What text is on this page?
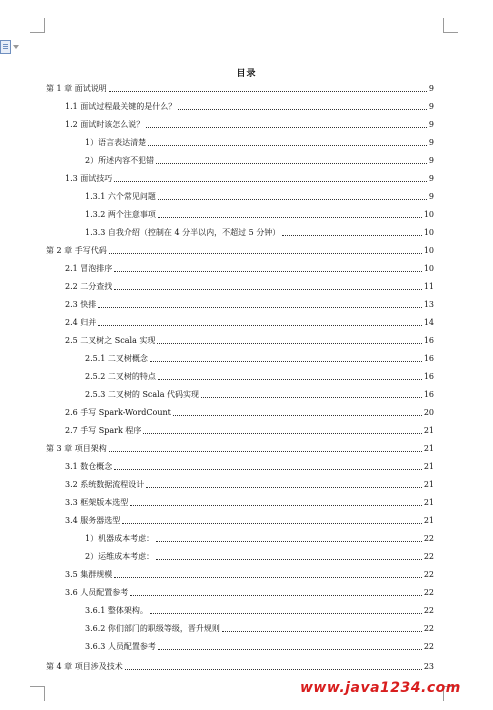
目录
第 1 章 面试说明	9
1.1 面试过程最关键的是什么？	9
1.2 面试时该怎么说？	9
1）语言表达清楚	9
2）所述内容不犯错	9
1.3 面试技巧	9
1.3.1 六个常见问题	9
1.3.2 两个注意事项	10
1.3.3 自我介绍（控制在 4 分半以内，不超过 5 分钟）	10
第 2 章 手写代码	10
2.1 冒泡排序	10
2.2 二分查找	11
2.3 快排	13
2.4 归并	14
2.5 二叉树之 Scala 实现	16
2.5.1 二叉树概念	16
2.5.2 二叉树的特点	16
2.5.3 二叉树的 Scala 代码实现	16
2.6 手写 Spark-WordCount	20
2.7 手写 Spark 程序	21
第 3 章 项目架构	21
3.1 数仓概念	21
3.2 系统数据流程设计	21
3.3 框架版本选型	21
3.4 服务器选型	21
1）机器成本考虑：	22
2）运维成本考虑：	22
3.5 集群规模	22
3.6 人员配置参考	22
3.6.1 整体架构。	22
3.6.2 你们部门的职级等级，晋升规则	22
3.6.3 人员配置参考	22
第 4 章 项目涉及技术	23
www.java1234.com
